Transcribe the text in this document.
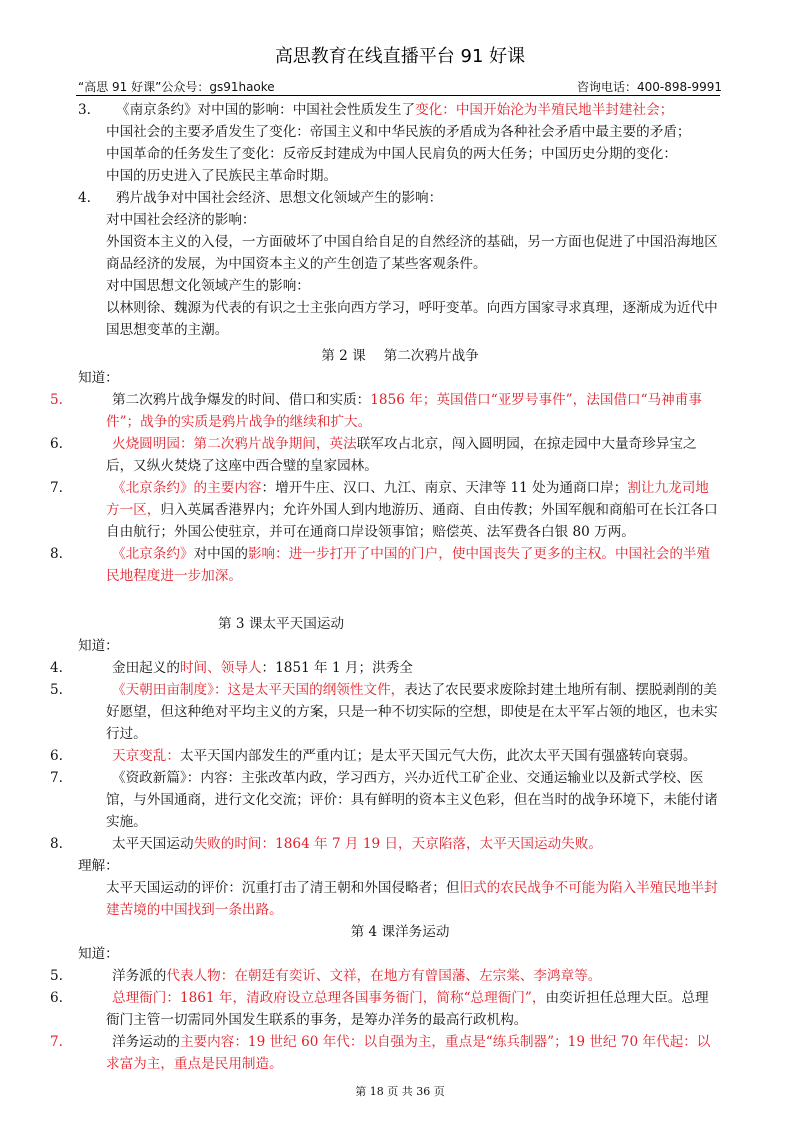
高思教育在线直播平台 91 好课
“高思 91 好课”公众号：gs91haoke	咨询电话：400-898-9991
3. 《南京条约》对中国的影响：中国社会性质发生了变化：中国开始沦为半殖民地半封建社会；
中国社会的主要矛盾发生了变化：帝国主义和中华民族的矛盾成为各种社会矛盾中最主要的矛盾；
中国革命的任务发生了变化：反帝反封建成为中国人民肩负的两大任务；中国历史分期的变化：
中国的历史进入了民族民主革命时期。
4. 鸦片战争对中国社会经济、思想文化领域产生的影响：
对中国社会经济的影响：
外国资本主义的入侵，一方面破坏了中国自给自足的自然经济的基础，另一方面也促进了中国沿海地区商品经济的发展，为中国资本主义的产生创造了某些客观条件。
对中国思想文化领域产生的影响：
以林则徐、魏源为代表的有识之士主张向西方学习，呼吁变革。向西方国家寻求真理，逐渐成为近代中国思想变革的主潮。
第 2 课　 第二次鸦片战争
知道：
5.	第二次鸦片战争爆发的时间、借口和实质：1856 年；英国借口“亚罗号事件”，法国借口“马神甫事件”；战争的实质是鸦片战争的继续和扩大。
6.	火烧圆明园：第二次鸦片战争期间，英法联军攻占北京，闯入圆明园，在掠走园中大量奇珍异宝之后，又纵火焚烧了这座中西合璧的皇家园林。
7.	《北京条约》的主要内容：增开牛庄、汉口、九江、南京、天津等 11 处为通商口岸；割让九龙司地方一区，归入英属香港界内；允许外国人到内地游历、通商、自由传教；外国军舰和商船可在长江各口自由航行；外国公使驻京，并可在通商口岸设领事馆；赔偿英、法军费各白银 80 万两。
8.	《北京条约》对中国的影响：进一步打开了中国的门户，使中国丧失了更多的主权。中国社会的半殖民地程度进一步加深。
第 3 课太平天国运动
知道：
4.	金田起义的时间、领导人：1851 年 1 月；洪秀全
5.	《天朝田亩制度》：这是太平天国的纲领性文件，表达了农民要求废除封建土地所有制、摆脱剥削的美好愿望，但这种绝对平均主义的方案，只是一种不切实际的空想，即使是在太平军占领的地区，也未实行过。
6.	天京变乱：太平天国内部发生的严重内讧；是太平天国元气大伤，此次太平天国有强盛转向衰弱。
7.	《资政新篇》：内容：主张改革内政，学习西方，兴办近代工矿企业、交通运输业以及新式学校、医馆，与外国通商，进行文化交流；评价：具有鲜明的资本主义色彩，但在当时的战争环境下，未能付诸实施。
8.	太平天国运动失败的时间：1864 年 7 月 19 日，天京陷落，太平天国运动失败。
理解：
太平天国运动的评价：沉重打击了清王朝和外国侵略者；但旧式的农民战争不可能为陷入半殖民地半封建苦境的中国找到一条出路。
第 4 课洋务运动
知道：
5.	洋务派的代表人物：在朝廷有奕䜣、文祥，在地方有曾国藩、左宗棠、李鸿章等。
6.	总理衙门：1861 年，清政府设立总理各国事务衙门，简称“总理衙门”，由奕䜣担任总理大臣。总理衙门主管一切需同外国发生联系的事务，是筹办洋务的最高行政机构。
7.	洋务运动的主要内容：19 世纪 60 年代：以自强为主，重点是“练兵制器”；19 世纪 70 年代起：以求富为主，重点是民用制造。
第 18 页 共 36 页
